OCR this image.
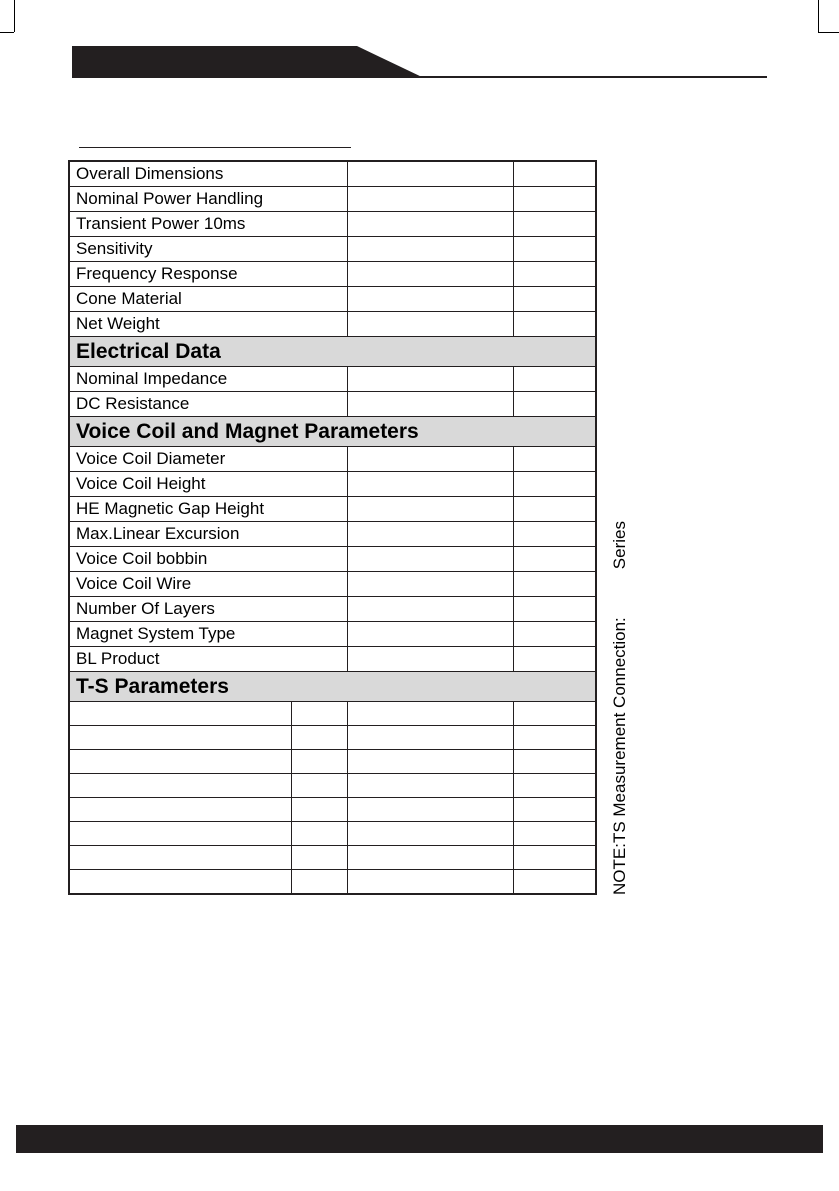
Overall Dimensions			
Nominal Power Handling			
Transient Power 10ms			
Sensitivity			
Frequency Response			
Cone Material			
Net Weight			
Electrical Data			
Nominal Impedance			
DC Resistance			
Voice Coil and Magnet Parameters			
Voice Coil Diameter			
Voice Coil Height			
HE Magnetic Gap Height			
Max.Linear Excursion			
Voice Coil bobbin			
Voice Coil Wire			
Number Of Layers			
Magnet System Type			
BL Product			
T-S Parameters			

				NOTE:TS Measurement Connection:Series
